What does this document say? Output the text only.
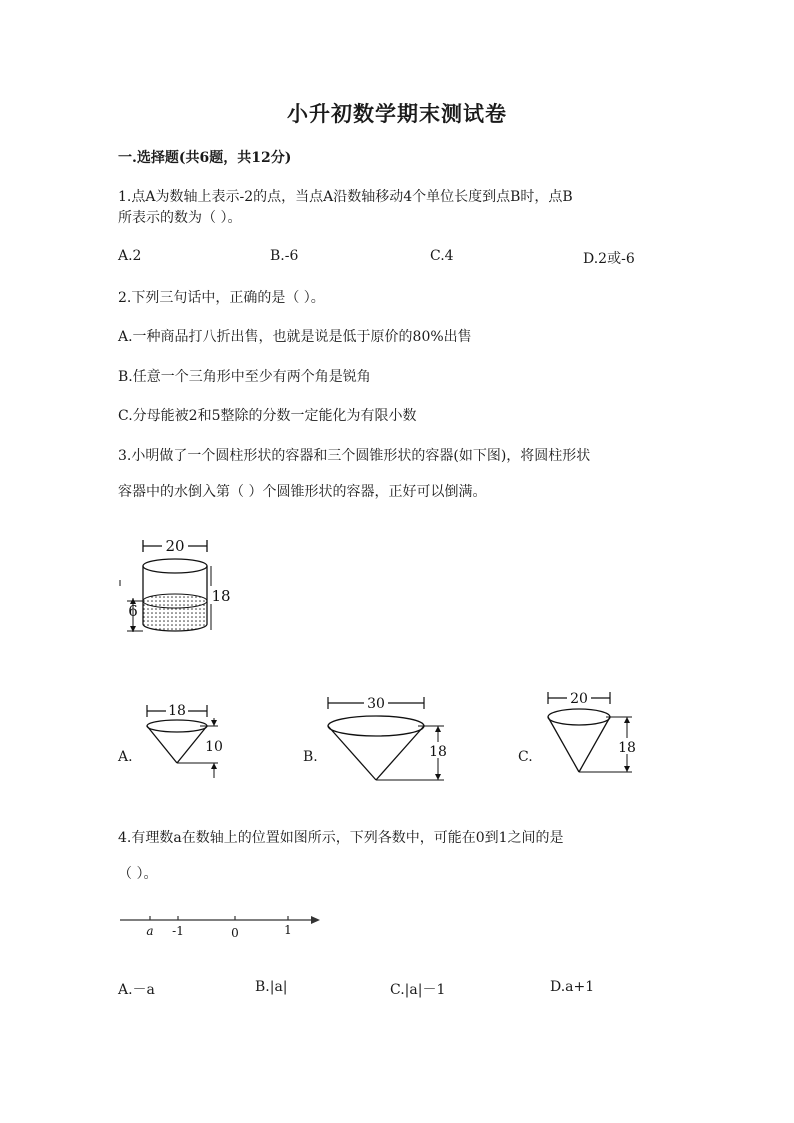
小升初数学期末测试卷
一.选择题(共6题，共12分)
1.点A为数轴上表示-2的点，当点A沿数轴移动4个单位长度到点B时，点B
所表示的数为（ ）。
A.2	B.-6	C.4	D.2或-6
2.下列三句话中，正确的是（ ）。
A.一种商品打八折出售，也就是说是低于原价的80%出售
B.任意一个三角形中至少有两个角是锐角
C.分母能被2和5整除的分数一定能化为有限小数
3.小明做了一个圆柱形状的容器和三个圆锥形状的容器(如下图)，将圆柱形状
容器中的水倒入第（ ）个圆锥形状的容器，正好可以倒满。
20
18
6
A.
18
10
B.
30
18	C.
20
18
4.有理数a在数轴上的位置如图所示，下列各数中，可能在0到1之间的是
（ ）。
a -1	0	1
A.－a	B.|a|	C.|a|－1	D.a+1
